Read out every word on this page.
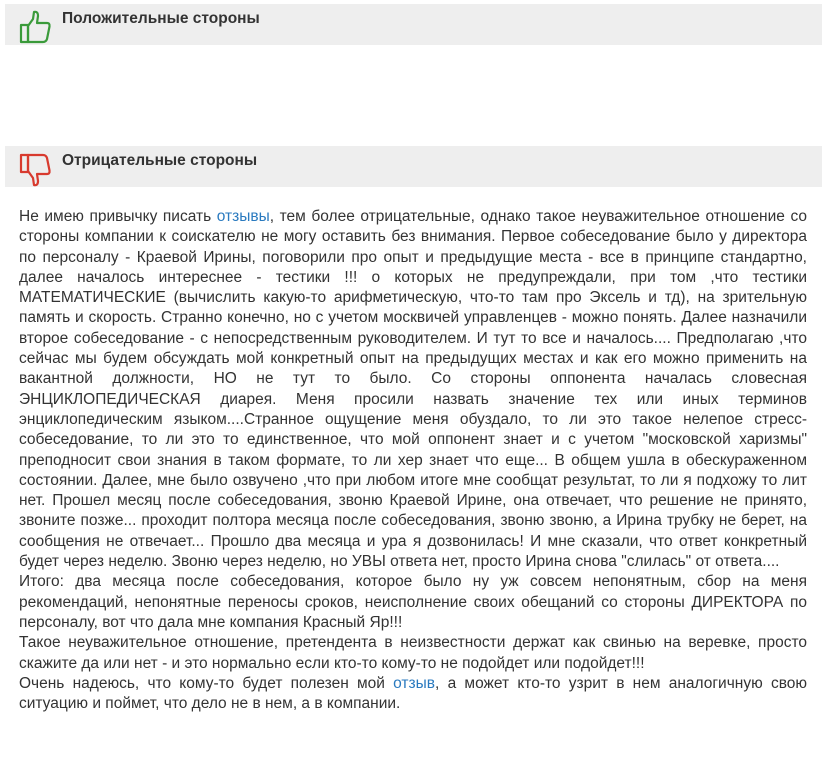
Положительные стороны
Отрицательные стороны

Не имею привычку писать отзывы, тем более отрицательные, однако такое неуважительное отношение со стороны компании к соискателю не могу оставить без внимания. Первое собеседование было у директора по персоналу - Краевой Ирины, поговорили про опыт и предыдущие места - все в принципе стандартно, далее началось интереснее - тестики !!! о которых не предупреждали, при том ,что тестики МАТЕМАТИЧЕСКИЕ (вычислить какую-то арифметическую, что-то там про Эксель и тд), на зрительную память и скорость. Странно конечно, но с учетом москвичей управленцев - можно понять. Далее назначили второе собеседование - с непосредственным руководителем. И тут то все и началось.... Предполагаю ,что сейчас мы будем обсуждать мой конкретный опыт на предыдущих местах и как его можно применить на вакантной должности, НО не тут то было. Со стороны оппонента началась словесная ЭНЦИКЛОПЕДИЧЕСКАЯ диарея. Меня просили назвать значение тех или иных терминов энциклопедическим языком....Странное ощущение меня обуздало, то ли это такое нелепое стресс-собеседование, то ли это то единственное, что мой оппонент знает и с учетом "московской харизмы" преподносит свои знания в таком формате, то ли хер знает что еще... В общем ушла в обескураженном состоянии. Далее, мне было озвучено ,что при любом итоге мне сообщат результат, то ли я подхожу то лит нет. Прошел месяц после собеседования, звоню Краевой Ирине, она отвечает, что решение не принято, звоните позже... проходит полтора месяца после собеседования, звоню звоню, а Ирина трубку не берет, на сообщения не отвечает... Прошло два месяца и ура я дозвонилась! И мне сказали, что ответ конкретный будет через неделю. Звоню через неделю, но УВЫ ответа нет, просто Ирина снова "слилась" от ответа....

Итого: два месяца после собеседования, которое было ну уж совсем непонятным, сбор на меня рекомендаций, непонятные переносы сроков, неисполнение своих обещаний со стороны ДИРЕКТОРА по персоналу, вот что дала мне компания Красный Яр!!!

Такое неуважительное отношение, претендента в неизвестности держат как свинью на веревке, просто скажите да или нет - и это нормально если кто-то кому-то не подойдет или подойдет!!!

Очень надеюсь, что кому-то будет полезен мой отзыв, а может кто-то узрит в нем аналогичную свою ситуацию и поймет, что дело не в нем, а в компании.
